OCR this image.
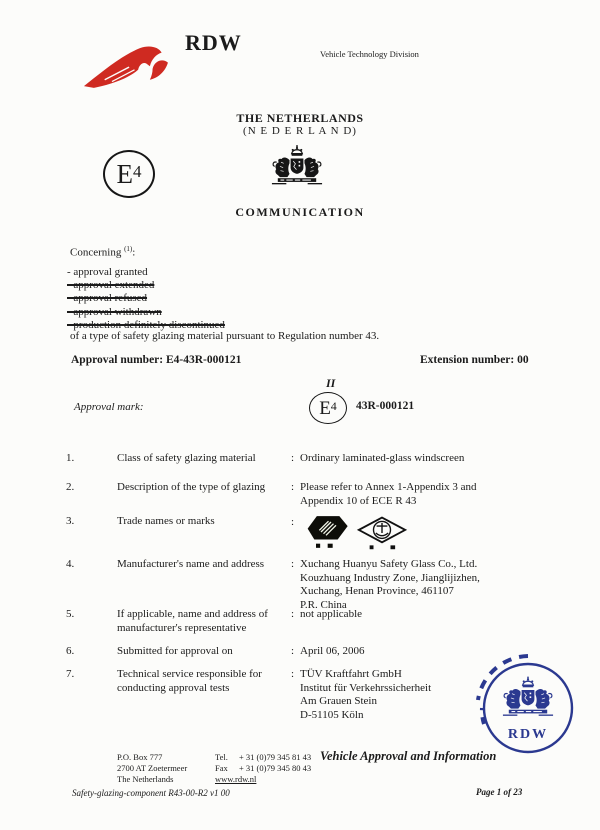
RDW	Vehicle Technology Division
THE NETHERLANDS
(N E D E R L A N D)
E 4
COMMUNICATION
Concerning $^{(1)}$:
- approval granted
- approval extended
- approval refused
- approval withdrawn
- production definitely discontinued
of a type of safety glazing material pursuant to Regulation number 43.
Approval number: E4-43R-000121	Extension number: 00
Approval mark:
II
E 4 43R-000121
1.	Class of safety glazing material	: Ordinary laminated-glass windscreen
2.	Description of the type of glazing : Please refer to Annex 1-Appendix 3 and
Appendix 10 of ECE R 43
3.	Trade names or marks	:
4.	Manufacturer's name and address : Xuchang Huanyu Safety Glass Co., Ltd.
Kouzhuang Industry Zone, Jianglijizhen,
Xuchang, Henan Province, 461107
P.R. China
5.	If applicable, name and address of
manufacturer's representative
: not applicable
6.	Submitted for approval on	: April 06, 2006
7.	Technical service responsible for
conducting approval tests
: TÜV Kraftfahrt GmbH
Institut für Verkehrssicherheit
Am Grauen Stein
D-51105 Köln
RDW
P.O. Box 777
2700 AT Zoetermeer
The Netherlands
Tel. + 31 (0)79 345 81 43
Fax + 31 (0)79 345 80 43
www.rdw.nl
Vehicle Approval and Information
Safety-glazing-component R43-00-R2 v1 00	Page 1 of 23
